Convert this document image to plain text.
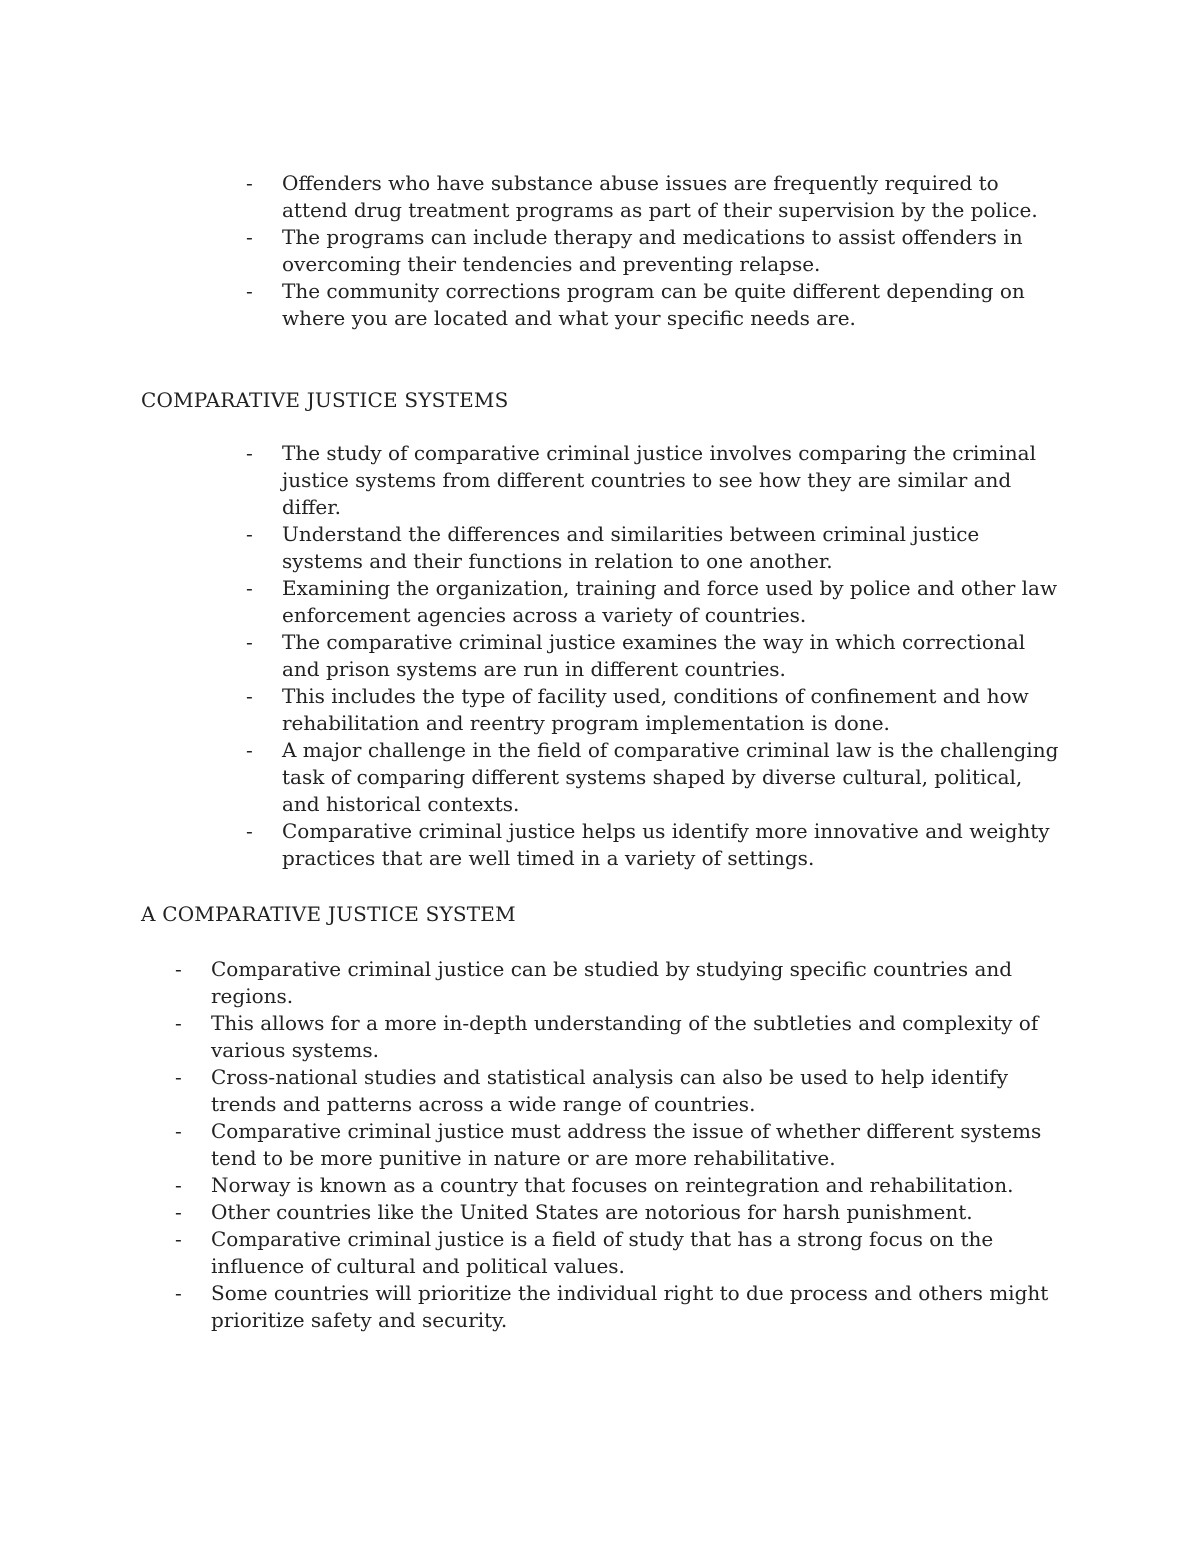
-	Offenders who have substance abuse issues are frequently required to attend drug treatment programs as part of their supervision by the police.
-	The programs can include therapy and medications to assist offenders in overcoming their tendencies and preventing relapse.
-	The community corrections program can be quite different depending on where you are located and what your specific needs are.
COMPARATIVE JUSTICE SYSTEMS
-	The study of comparative criminal justice involves comparing the criminal justice systems from different countries to see how they are similar and differ.
-	Understand the differences and similarities between criminal justice systems and their functions in relation to one another.
-	Examining the organization, training and force used by police and other law enforcement agencies across a variety of countries.
-	The comparative criminal justice examines the way in which correctional and prison systems are run in different countries.
-	This includes the type of facility used, conditions of confinement and how rehabilitation and reentry program implementation is done.
-	A major challenge in the field of comparative criminal law is the challenging task of comparing different systems shaped by diverse cultural, political, and historical contexts.
-	Comparative criminal justice helps us identify more innovative and weighty practices that are well timed in a variety of settings.
A COMPARATIVE JUSTICE SYSTEM
-	Comparative criminal justice can be studied by studying specific countries and regions.
-	This allows for a more in-depth understanding of the subtleties and complexity of various systems.
-	Cross-national studies and statistical analysis can also be used to help identify trends and patterns across a wide range of countries.
-	Comparative criminal justice must address the issue of whether different systems tend to be more punitive in nature or are more rehabilitative.
-	Norway is known as a country that focuses on reintegration and rehabilitation.
-	Other countries like the United States are notorious for harsh punishment.
-	Comparative criminal justice is a field of study that has a strong focus on the influence of cultural and political values.
-	Some countries will prioritize the individual right to due process and others might prioritize safety and security.
